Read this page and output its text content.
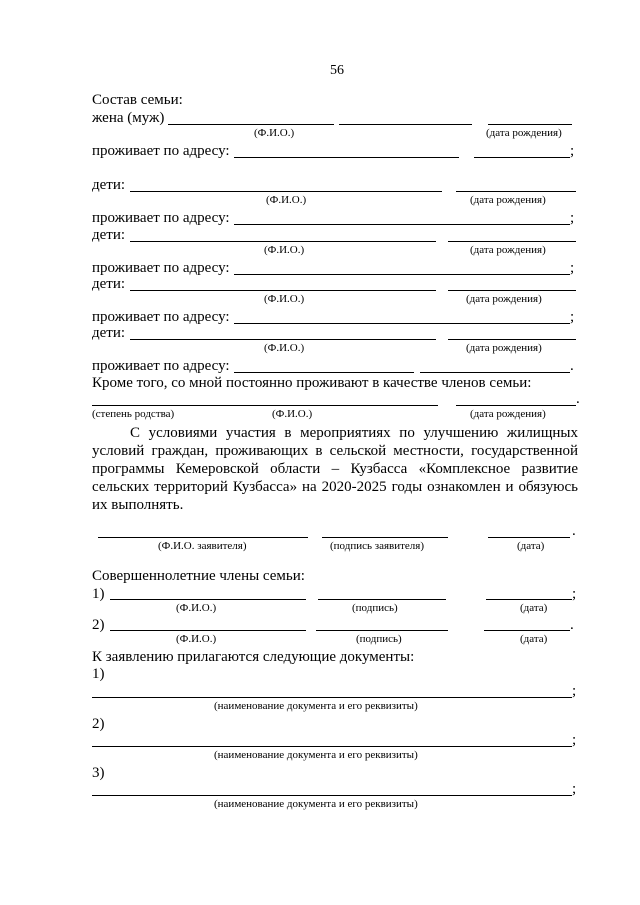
56
Состав семьи:
жена (муж)
(Ф.И.О.)	(дата рождения)
проживает по адресу:	;
дети:
(Ф.И.О.)	(дата рождения)
проживает по адресу:	;
дети:
(Ф.И.О.)	(дата рождения)
проживает по адресу:	;
дети:
(Ф.И.О.)	(дата рождения)
проживает по адресу:	;
дети:
(Ф.И.О.)	(дата рождения)
проживает по адресу:	.
Кроме того, со мной постоянно проживают в качестве членов семьи:
.
(степень родства)	(Ф.И.О.)	(дата рождения)

С условиями участия в мероприятиях по улучшению жилищных условий граждан, проживающих в сельской местности, государственной программы Кемеровской области – Кузбасса «Комплексное развитие сельских территорий Кузбасса» на 2020-2025 годы ознакомлен и обязуюсь их выполнять.

.
(Ф.И.О. заявителя)	(подпись заявителя)	(дата)
Совершеннолетние члены семьи:
1)	;
(Ф.И.О.)	(подпись)	(дата)
2)	.
(Ф.И.О.)	(подпись)	(дата)
К заявлению прилагаются следующие документы:
1)
;
(наименование документа и его реквизиты)
2)
;
(наименование документа и его реквизиты)
3)
;
(наименование документа и его реквизиты)
